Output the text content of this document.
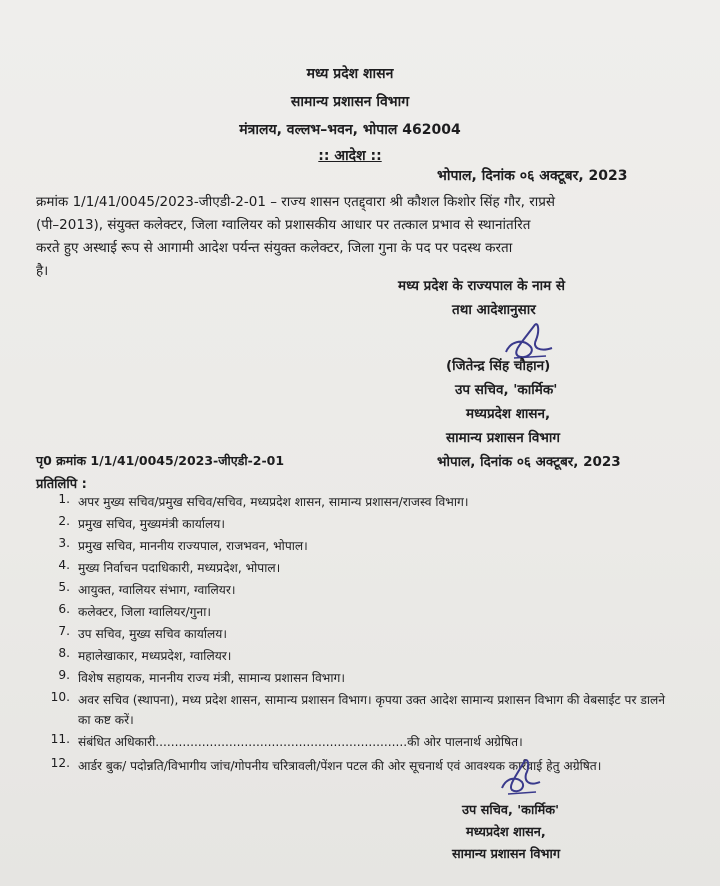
मध्य प्रदेश शासन
सामान्य प्रशासन विभाग
मंत्रालय, वल्लभ–भवन, भोपाल 462004
:: आदेश ::
भोपाल, दिनांक ०६ अक्टूबर, 2023
क्रमांक 1/1/41/0045/2023-जीएडी-2-01 – राज्य शासन एतद्द्वारा श्री कौशल किशोर सिंह गौर, राप्रसे
(पी–2013), संयुक्त कलेक्टर, जिला ग्वालियर को प्रशासकीय आधार पर तत्काल प्रभाव से स्थानांतरित
करते हुए अस्थाई रूप से आगामी आदेश पर्यन्त संयुक्त कलेक्टर, जिला गुना के पद पर पदस्थ करता
है।
मध्य प्रदेश के राज्यपाल के नाम से
तथा आदेशानुसार
(जितेन्द्र सिंह चौहान)
उप सचिव, 'कार्मिक'
मध्यप्रदेश शासन,
सामान्य प्रशासन विभाग
पृ0 क्रमांक 1/1/41/0045/2023-जीएडी-2-01	भोपाल, दिनांक ०६ अक्टूबर, 2023
प्रतिलिपि :
1. अपर मुख्य सचिव/प्रमुख सचिव/सचिव, मध्यप्रदेश शासन, सामान्य प्रशासन/राजस्व विभाग।
2. प्रमुख सचिव, मुख्यमंत्री कार्यालय।
3. प्रमुख सचिव, माननीय राज्यपाल, राजभवन, भोपाल।
4. मुख्य निर्वाचन पदाधिकारी, मध्यप्रदेश, भोपाल।
5. आयुक्त, ग्वालियर संभाग, ग्वालियर।
6. कलेक्टर, जिला ग्वालियर/गुना।
7. उप सचिव, मुख्य सचिव कार्यालय।
8. महालेखाकार, मध्यप्रदेश, ग्वालियर।
9. विशेष सहायक, माननीय राज्य मंत्री, सामान्य प्रशासन विभाग।
10. अवर सचिव (स्थापना), मध्य प्रदेश शासन, सामान्य प्रशासन विभाग। कृपया उक्त आदेश सामान्य प्रशासन विभाग की वेबसाईट पर डालने का कष्ट करें।
11. संबंधित अधिकारी.................................................................की ओर पालनार्थ अग्रेषित।
12. आर्डर बुक/ पदोन्नति/विभागीय जांच/गोपनीय चरित्रावली/पेंशन पटल की ओर सूचनार्थ एवं आवश्यक कार्रवाई हेतु अग्रेषित।
उप सचिव, 'कार्मिक'
मध्यप्रदेश शासन,
सामान्य प्रशासन विभाग
